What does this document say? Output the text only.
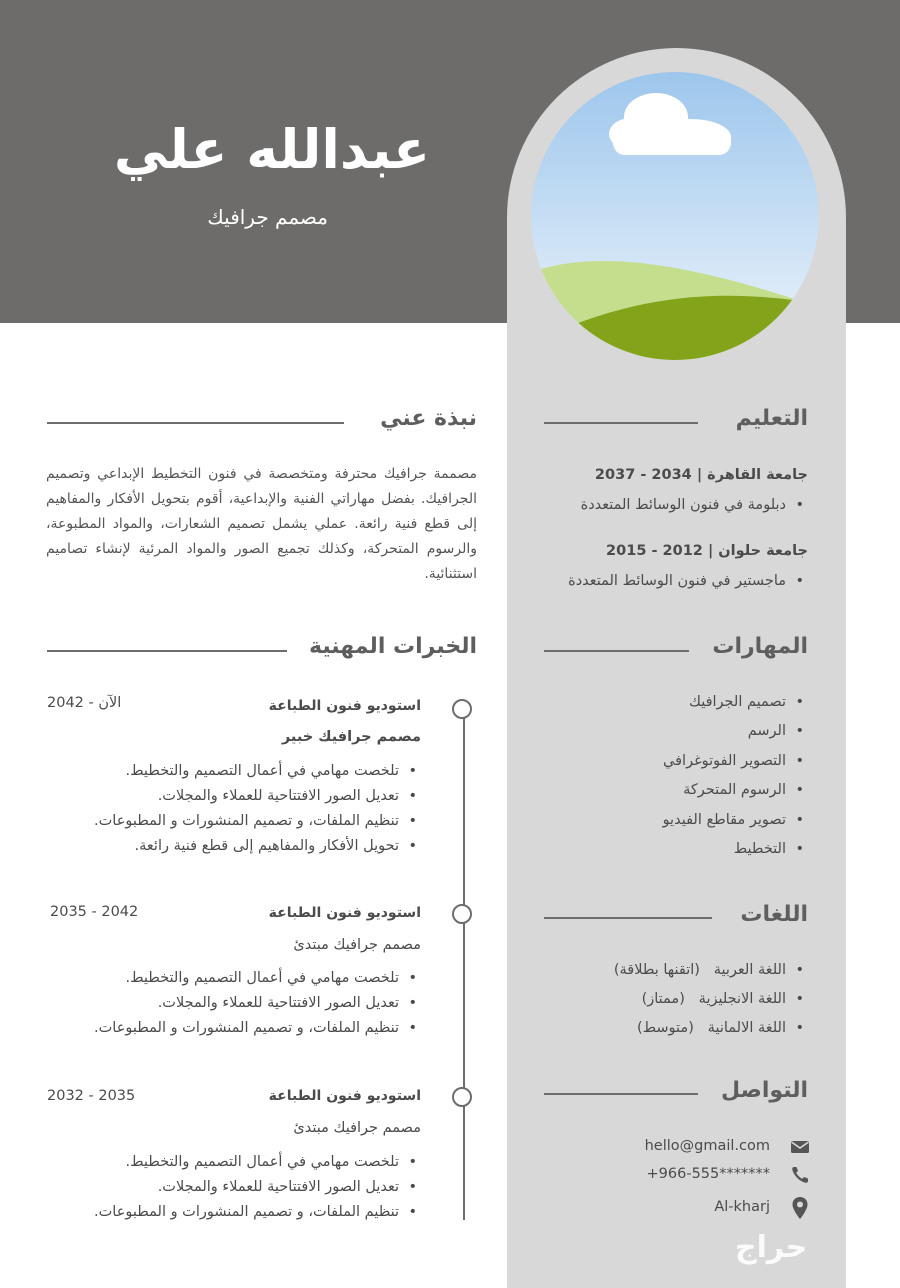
عبدالله علي
مصمم جرافيك
نبذة عني
مصممة جرافيك محترفة ومتخصصة في فنون التخطيط الإبداعي وتصميم الجرافيك. بفضل مهاراتي الفنية والإبداعية، أقوم بتحويل الأفكار والمفاهيم إلى قطع فنية رائعة. عملي يشمل تصميم الشعارات، والمواد المطبوعة، والرسوم المتحركة، وكذلك تجميع الصور والمواد المرئية لإنشاء تصاميم استثنائية.
التعليم
جامعة القاهرة | 2034 - 2037
• دبلومة في فنون الوسائط المتعددة
جامعة حلوان | 2012 - 2015
• ماجستير في فنون الوسائط المتعددة
المهارات
• تصميم الجرافيك
• الرسم
• التصوير الفوتوغرافي
• الرسوم المتحركة
• تصوير مقاطع الفيديو
• التخطيط
اللغات
• اللغة العربية   (اتقنها بطلاقة)
• اللغة الانجليزية   (ممتاز)
• اللغة الالمانية   (متوسط)
التواصل
hello@gmail.com
+966-555*******
Al-kharj
الخبرات المهنية
استوديو فنون الطباعة
2042 - الآن
مصمم جرافيك خبير
• تلخصت مهامي في أعمال التصميم والتخطيط.
• تعديل الصور الافتتاحية للعملاء والمجلات.
• تنظيم الملفات، و تصميم المنشورات و المطبوعات.
• تحويل الأفكار والمفاهيم إلى قطع فنية رائعة.
استوديو فنون الطباعة
2035 - 2042
مصمم جرافيك مبتدئ
• تلخصت مهامي في أعمال التصميم والتخطيط.
• تعديل الصور الافتتاحية للعملاء والمجلات.
• تنظيم الملفات، و تصميم المنشورات و المطبوعات.
استوديو فنون الطباعة
2032 - 2035
مصمم جرافيك مبتدئ
• تلخصت مهامي في أعمال التصميم والتخطيط.
• تعديل الصور الافتتاحية للعملاء والمجلات.
• تنظيم الملفات، و تصميم المنشورات و المطبوعات.
حراج
